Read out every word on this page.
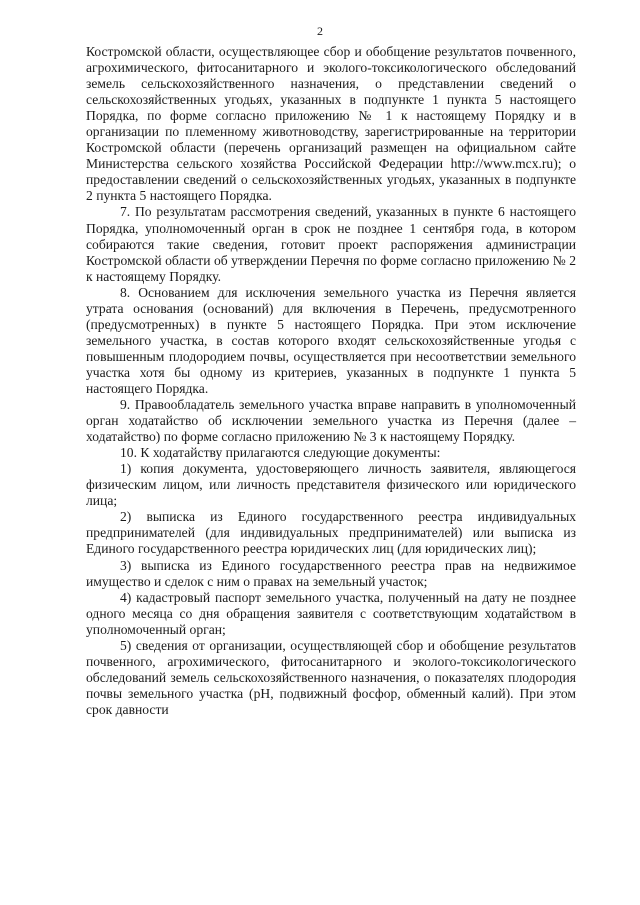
2

Костромской области, осуществляющее сбор и обобщение результатов почвенного, агрохимического, фитосанитарного и эколого-токсикологического обследований земель сельскохозяйственного назначения, о представлении сведений о сельскохозяйственных угодьях, указанных в подпункте 1 пункта 5 настоящего Порядка, по форме согласно приложению № 1 к настоящему Порядку и в организации по племенному животноводству, зарегистрированные на территории Костромской области (перечень организаций размещен на официальном сайте Министерства сельского хозяйства Российской Федерации http://www.mcx.ru); о предоставлении сведений о сельскохозяйственных угодьях, указанных в подпункте 2 пункта 5 настоящего Порядка.

7. По результатам рассмотрения сведений, указанных в пункте 6 настоящего Порядка, уполномоченный орган в срок не позднее 1 сентября года, в котором собираются такие сведения, готовит проект распоряжения администрации Костромской области об утверждении Перечня по форме согласно приложению № 2 к настоящему Порядку.

8. Основанием для исключения земельного участка из Перечня является утрата основания (оснований) для включения в Перечень, предусмотренного (предусмотренных) в пункте 5 настоящего Порядка. При этом исключение земельного участка, в состав которого входят сельскохозяйственные угодья с повышенным плодородием почвы, осуществляется при несоответствии земельного участка хотя бы одному из критериев, указанных в подпункте 1 пункта 5 настоящего Порядка.

9. Правообладатель земельного участка вправе направить в уполномоченный орган ходатайство об исключении земельного участка из Перечня (далее – ходатайство) по форме согласно приложению № 3 к настоящему Порядку.

10. К ходатайству прилагаются следующие документы:

1) копия документа, удостоверяющего личность заявителя, являющегося физическим лицом, или личность представителя физического или юридического лица;

2) выписка из Единого государственного реестра индивидуальных предпринимателей (для индивидуальных предпринимателей) или выписка из Единого государственного реестра юридических лиц (для юридических лиц);

3) выписка из Единого государственного реестра прав на недвижимое имущество и сделок с ним о правах на земельный участок;

4) кадастровый паспорт земельного участка, полученный на дату не позднее одного месяца со дня обращения заявителя с соответствующим ходатайством в уполномоченный орган;

5) сведения от организации, осуществляющей сбор и обобщение результатов почвенного, агрохимического, фитосанитарного и эколого-токсикологического обследований земель сельскохозяйственного назначения, о показателях плодородия почвы земельного участка (pH, подвижный фосфор, обменный калий). При этом срок давности
